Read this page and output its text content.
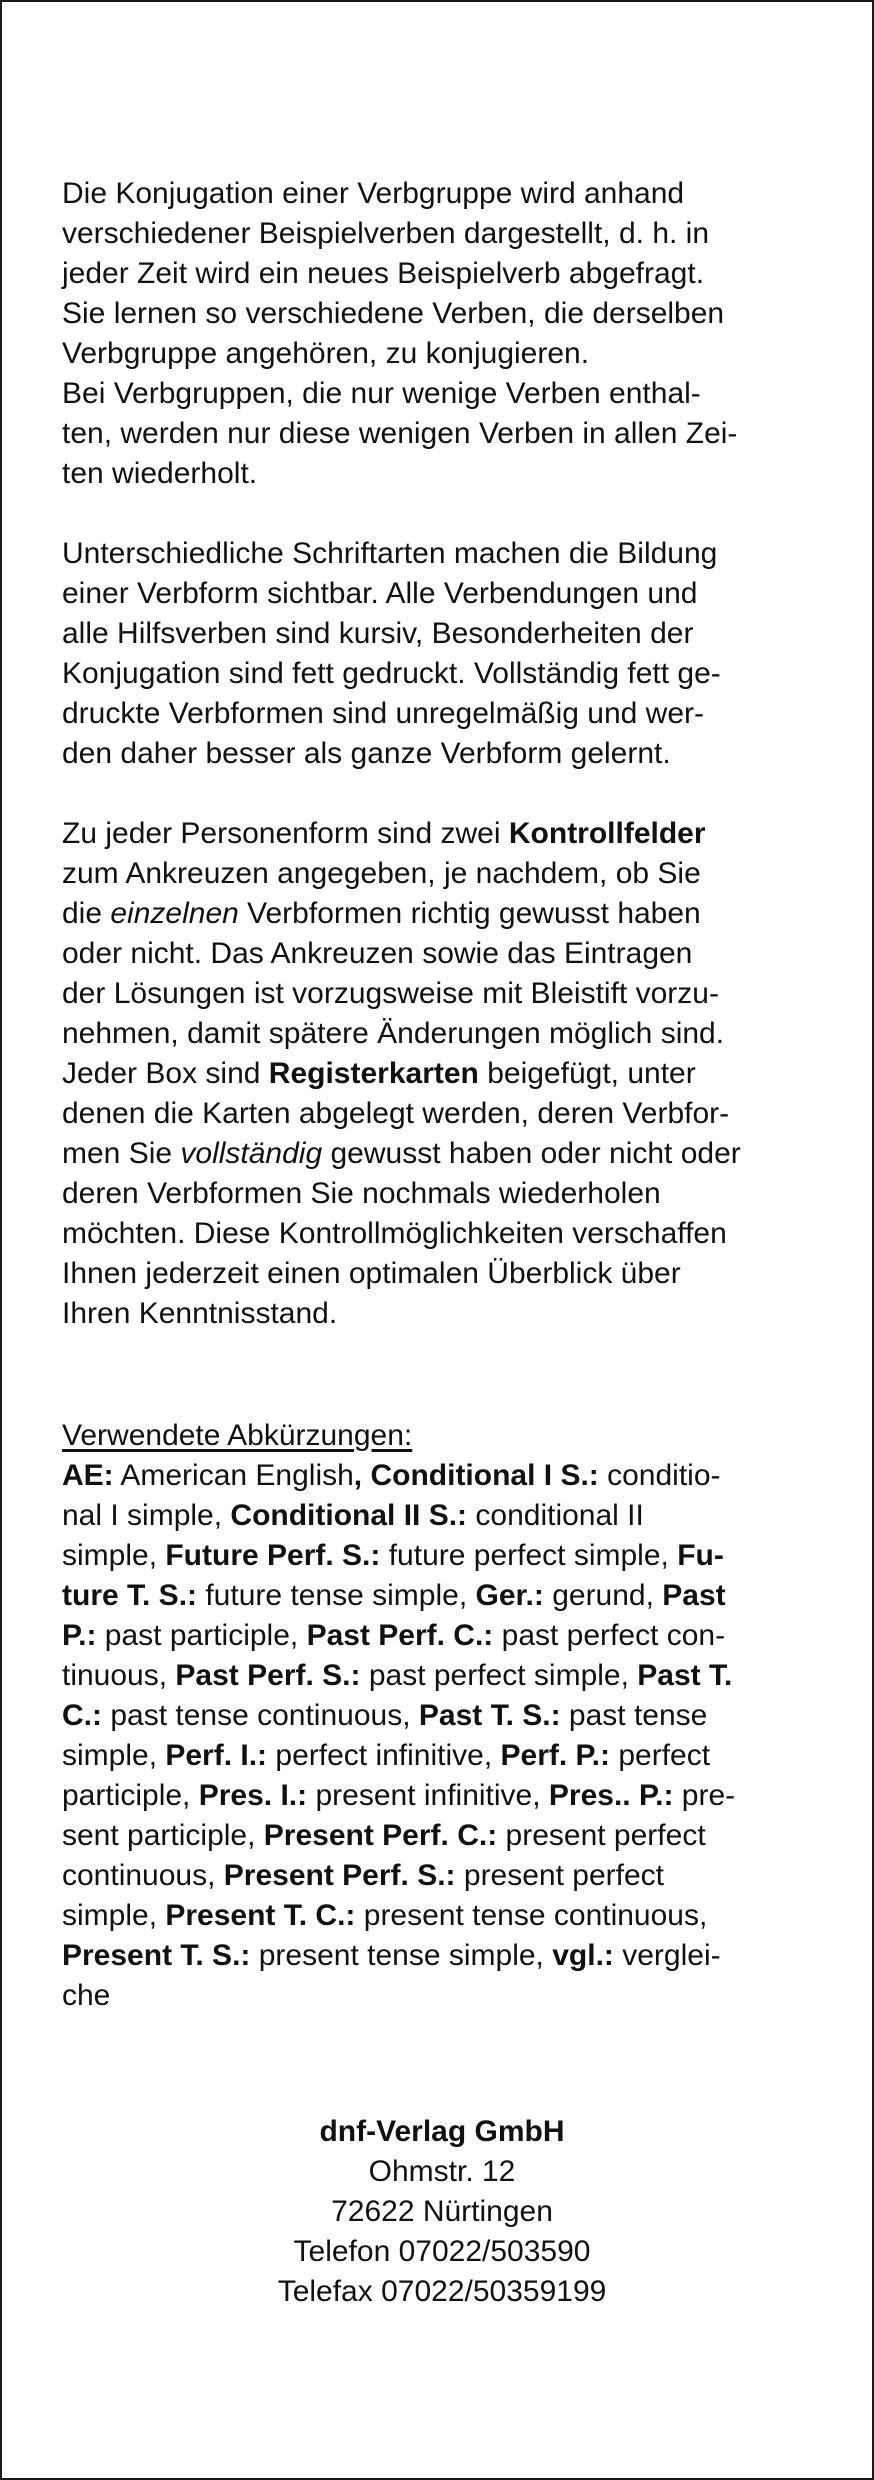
Die Konjugation einer Verbgruppe wird anhand
verschiedener Beispielverben dargestellt, d. h. in
jeder Zeit wird ein neues Beispielverb abgefragt.
Sie lernen so verschiedene Verben, die derselben
Verbgruppe angehören, zu konjugieren.
Bei Verbgruppen, die nur wenige Verben enthal-
ten, werden nur diese wenigen Verben in allen Zei-
ten wiederholt.
Unterschiedliche Schriftarten machen die Bildung
einer Verbform sichtbar. Alle Verbendungen und
alle Hilfsverben sind kursiv, Besonderheiten der
Konjugation sind fett gedruckt. Vollständig fett ge-
druckte Verbformen sind unregelmäßig und wer-
den daher besser als ganze Verbform gelernt.
Zu jeder Personenform sind zwei Kontrollfelder
zum Ankreuzen angegeben, je nachdem, ob Sie
die einzelnen Verbformen richtig gewusst haben
oder nicht. Das Ankreuzen sowie das Eintragen
der Lösungen ist vorzugsweise mit Bleistift vorzu-
nehmen, damit spätere Änderungen möglich sind.
Jeder Box sind Registerkarten beigefügt, unter
denen die Karten abgelegt werden, deren Verbfor-
men Sie vollständig gewusst haben oder nicht oder
deren Verbformen Sie nochmals wiederholen
möchten. Diese Kontrollmöglichkeiten verschaffen
Ihnen jederzeit einen optimalen Überblick über
Ihren Kenntnisstand.
Verwendete Abkürzungen:
AE: American English, Conditional I S.: conditio-
nal I simple, Conditional II S.: conditional II
simple, Future Perf. S.: future perfect simple, Fu-
ture T. S.: future tense simple, Ger.: gerund, Past
P.: past participle, Past Perf. C.: past perfect con-
tinuous, Past Perf. S.: past perfect simple, Past T.
C.: past tense continuous, Past T. S.: past tense
simple, Perf. I.: perfect infinitive, Perf. P.: perfect
participle, Pres. I.: present infinitive, Pres.. P.: pre-
sent participle, Present Perf. C.: present perfect
continuous, Present Perf. S.: present perfect
simple, Present T. C.: present tense continuous,
Present T. S.: present tense simple, vgl.: verglei-
che
dnf-Verlag GmbH
Ohmstr. 12
72622 Nürtingen
Telefon 07022/503590
Telefax 07022/50359199
